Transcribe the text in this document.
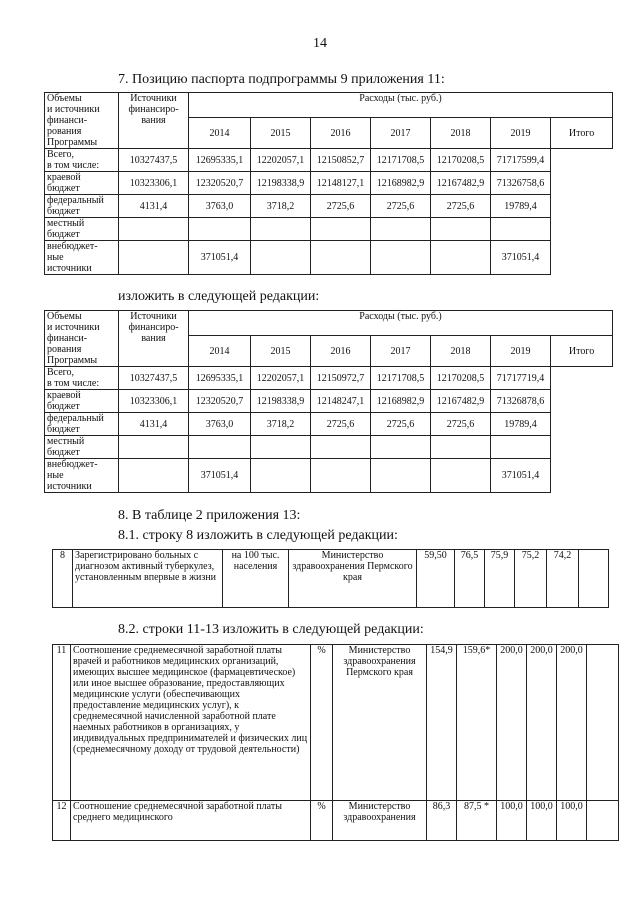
14
7. Позицию паспорта подпрограммы 9 приложения 11:
Объемы
и источники
финанси-
рования
Программы	Источники
финансиро-
вания	Расходы (тыс. руб.)						
		2014	2015	2016	2017	2018	2019	Итого
Всего,
в том числе:	10327437,5	12695335,1	12202057,1	12150852,7	12171708,5	12170208,5	71717599,4	
краевой
бюджет	10323306,1	12320520,7	12198338,9	12148127,1	12168982,9	12167482,9	71326758,6	
федеральный
бюджет	4131,4	3763,0	3718,2	2725,6	2725,6	2725,6	19789,4	
местный
бюджет								
внебюджет-
ные
источники		371051,4					371051,4	
изложить в следующей редакции:
Объемы
и источники
финанси-
рования
Программы	Источники
финансиро-
вания	Расходы (тыс. руб.)						
		2014	2015	2016	2017	2018	2019	Итого
Всего,
в том числе:	10327437,5	12695335,1	12202057,1	12150972,7	12171708,5	12170208,5	71717719,4	
краевой
бюджет	10323306,1	12320520,7	12198338,9	12148247,1	12168982,9	12167482,9	71326878,6	
федеральный
бюджет	4131,4	3763,0	3718,2	2725,6	2725,6	2725,6	19789,4	
местный
бюджет								
внебюджет-
ные
источники		371051,4					371051,4	
8. В таблице 2 приложения 13:
8.1. строку 8 изложить в следующей редакции:
8	Зарегистрировано больных с диагнозом активный туберкулез, установленным впервые в жизни	на 100 тыс. населения	Министерство здравоохранения Пермского края	59,50	76,5	75,9	75,2	74,2	
8.2. строки 11-13 изложить в следующей редакции:
11	Соотношение среднемесячной заработной платы врачей и работников медицинских организаций, имеющих высшее медицинское (фармацевтическое) или иное высшее образование, предоставляющих медицинские услуги (обеспечивающих предоставление медицинских услуг), к среднемесячной начисленной заработной плате наемных работников в организациях, у индивидуальных предпринимателей и физических лиц (среднемесячному доходу от трудовой деятельности)	%	Министерство здравоохранения Пермского края	154,9	159,6*	200,0	200,0	200,0	
12	Соотношение среднемесячной заработной платы среднего медицинского	%	Министерство здравоохранения	86,3	87,5 *	100,0	100,0	100,0	
